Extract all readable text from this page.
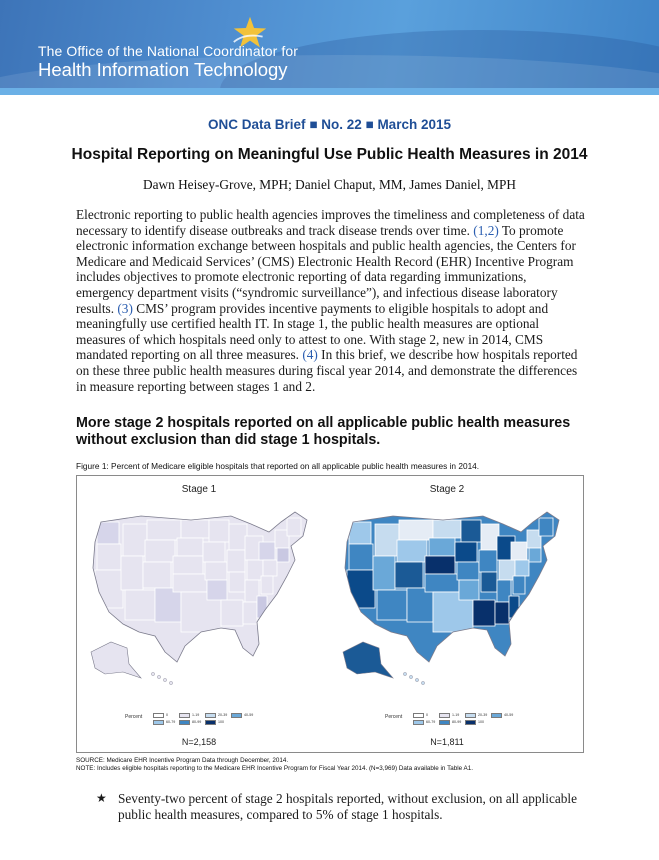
The Office of the National Coordinator for
Health Information Technology
ONC Data Brief ■ No. 22 ■ March 2015
Hospital Reporting on Meaningful Use Public Health Measures in 2014
Dawn Heisey-Grove, MPH; Daniel Chaput, MM, James Daniel, MPH
Electronic reporting to public health agencies improves the timeliness and completeness of data necessary to identify disease outbreaks and track disease trends over time. (1,2) To promote electronic information exchange between hospitals and public health agencies, the Centers for Medicare and Medicaid Services’ (CMS) Electronic Health Record (EHR) Incentive Program includes objectives to promote electronic reporting of data regarding immunizations, emergency department visits (“syndromic surveillance”), and infectious disease laboratory results. (3) CMS’ program provides incentive payments to eligible hospitals to adopt and meaningfully use certified health IT. In stage 1, the public health measures are optional measures of which hospitals need only to attest to one. With stage 2, new in 2014, CMS mandated reporting on all three measures. (4) In this brief, we describe how hospitals reported on these three public health measures during fiscal year 2014, and demonstrate the differences in measure reporting between stages 1 and 2.
More stage 2 hospitals reported on all applicable public health measures without exclusion than did stage 1 hospitals.
Figure 1: Percent of Medicare eligible hospitals that reported on all applicable public health measures in 2014.
Stage 1	Stage 2
Percent	0
60-79
1-19
80-99
20-39
100
40-59	Percent	0
60-79
1-19
80-99
20-39
100
40-59
N=2,158	N=1,811
SOURCE: Medicare EHR Incentive Program Data through December, 2014.
NOTE: Includes eligible hospitals reporting to the Medicare EHR Incentive Program for Fiscal Year 2014. (N=3,969) Data available in Table A1.
★ Seventy-two percent of stage 2 hospitals reported, without exclusion, on all applicable public health measures, compared to 5% of stage 1 hospitals.
